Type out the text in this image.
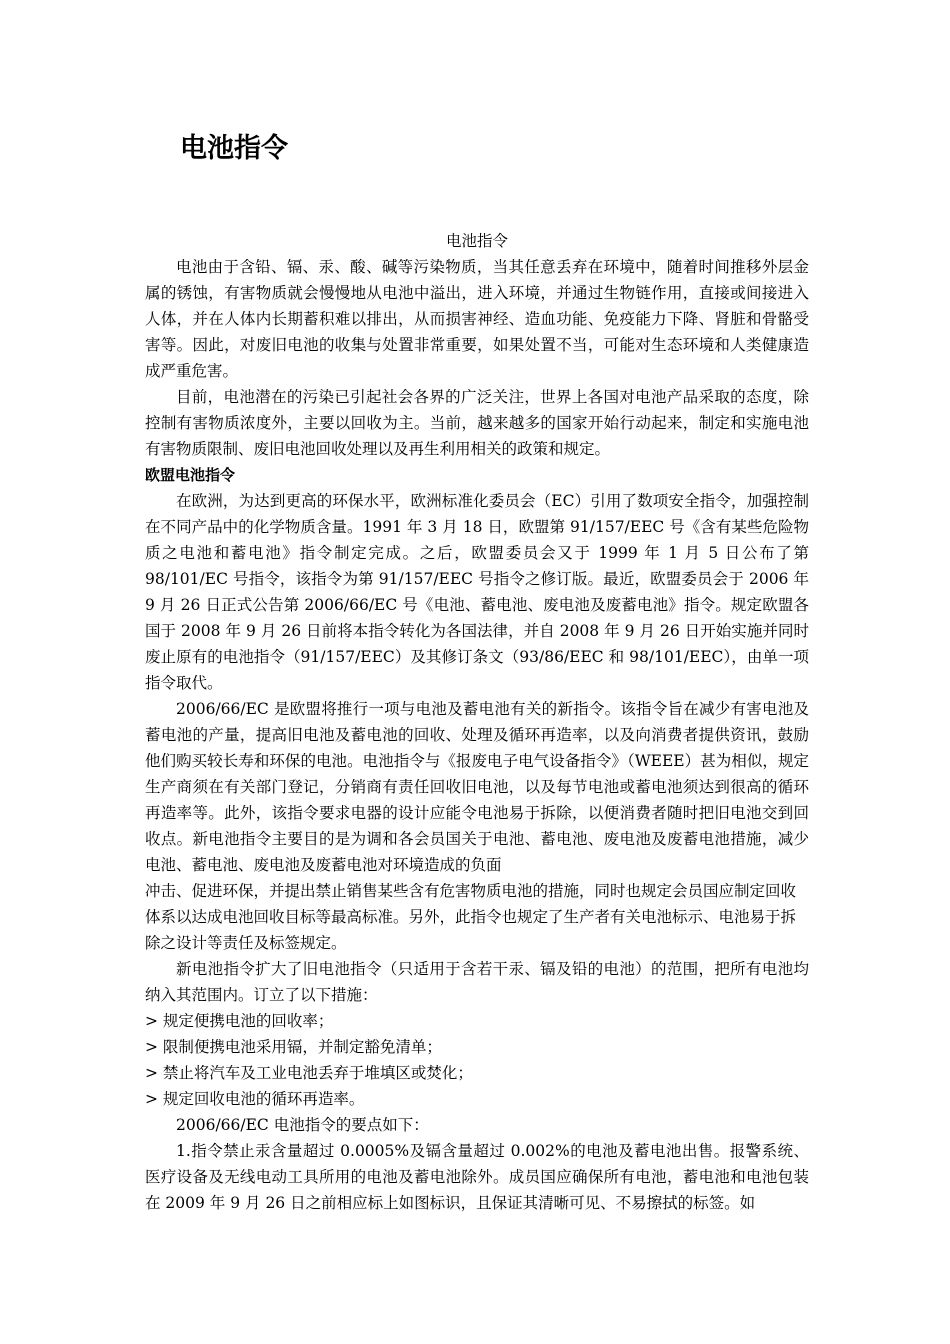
电池指令

电池指令

电池由于含铅、镉、汞、酸、碱等污染物质，当其任意丢弃在环境中，随着时间推移外层金属的锈蚀，有害物质就会慢慢地从电池中溢出，进入环境，并通过生物链作用，直接或间接进入人体，并在人体内长期蓄积难以排出，从而损害神经、造血功能、免疫能力下降、肾脏和骨骼受害等。因此，对废旧电池的收集与处置非常重要，如果处置不当，可能对生态环境和人类健康造成严重危害。

目前，电池潜在的污染已引起社会各界的广泛关注，世界上各国对电池产品采取的态度，除控制有害物质浓度外，主要以回收为主。当前，越来越多的国家开始行动起来，制定和实施电池有害物质限制、废旧电池回收处理以及再生利用相关的政策和规定。

欧盟电池指令

在欧洲，为达到更高的环保水平，欧洲标准化委员会（EC）引用了数项安全指令，加强控制在不同产品中的化学物质含量。1991 年 3 月 18 日，欧盟第 91/157/EEC 号《含有某些危险物质之电池和蓄电池》指令制定完成。之后，欧盟委员会又于 1999 年 1 月 5 日公布了第 98/101/EC 号指令，该指令为第 91/157/EEC 号指令之修订版。最近，欧盟委员会于 2006 年 9 月 26 日正式公告第 2006/66/EC 号《电池、蓄电池、废电池及废蓄电池》指令。规定欧盟各国于 2008 年 9 月 26 日前将本指令转化为各国法律，并自 2008 年 9 月 26 日开始实施并同时废止原有的电池指令（91/157/EEC）及其修订条文（93/86/EEC 和 98/101/EEC），由单一项指令取代。

2006/66/EC 是欧盟将推行一项与电池及蓄电池有关的新指令。该指令旨在减少有害电池及蓄电池的产量，提高旧电池及蓄电池的回收、处理及循环再造率，以及向消费者提供资讯，鼓励他们购买较长寿和环保的电池。电池指令与《报废电子电气设备指令》（WEEE）甚为相似，规定生产商须在有关部门登记，分销商有责任回收旧电池，以及每节电池或蓄电池须达到很高的循环再造率等。此外，该指令要求电器的设计应能令电池易于拆除，以便消费者随时把旧电池交到回收点。新电池指令主要目的是为调和各会员国关于电池、蓄电池、废电池及废蓄电池措施，减少电池、蓄电池、废电池及废蓄电池对环境造成的负面

冲击、促进环保，并提出禁止销售某些含有危害物质电池的措施，同时也规定会员国应制定回收体系以达成电池回收目标等最高标准。另外，此指令也规定了生产者有关电池标示、电池易于拆除之设计等责任及标签规定。

新电池指令扩大了旧电池指令（只适用于含若干汞、镉及铅的电池）的范围，把所有电池均纳入其范围内。订立了以下措施：

> 规定便携电池的回收率；

> 限制便携电池采用镉，并制定豁免清单；

> 禁止将汽车及工业电池丢弃于堆填区或焚化；

> 规定回收电池的循环再造率。

2006/66/EC 电池指令的要点如下：

1.指令禁止汞含量超过 0.0005%及镉含量超过 0.002%的电池及蓄电池出售。报警系统、医疗设备及无线电动工具所用的电池及蓄电池除外。成员国应确保所有电池，蓄电池和电池包装在 2009 年 9 月 26 日之前相应标上如图标识，且保证其清晰可见、不易擦拭的标签。如
